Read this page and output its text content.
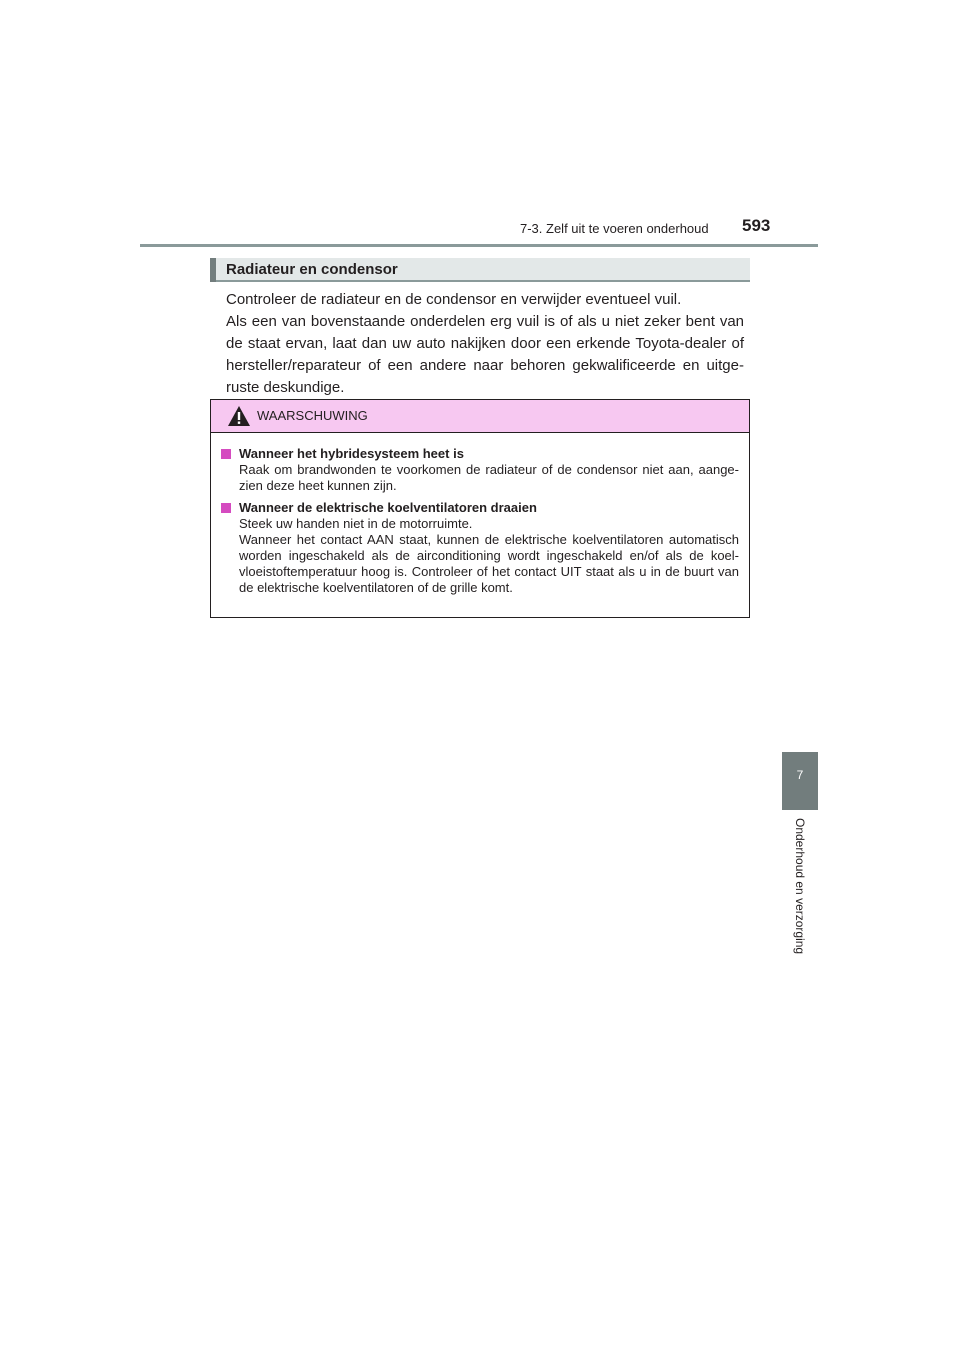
7-3. Zelf uit te voeren onderhoud 593
7
Onderhoud en verzorging
Radiateur en condensor

Controleer de radiateur en de condensor en verwijder eventueel vuil.

Als een van bovenstaande onderdelen erg vuil is of als u niet zeker bent van de staat ervan, laat dan uw auto nakijken door een erkende Toyota-dealer of hersteller/reparateur of een andere naar behoren gekwalificeerde en uitge-ruste deskundige.

WAARSCHUWING
Wanneer het hybridesysteem heet is
Raak om brandwonden te voorkomen de radiateur of de condensor niet aan, aange-zien deze heet kunnen zijn.
Wanneer de elektrische koelventilatoren draaien
Steek uw handen niet in de motorruimte.
Wanneer het contact AAN staat, kunnen de elektrische koelventilatoren automatisch worden ingeschakeld als de airconditioning wordt ingeschakeld en/of als de koel-vloeistoftemperatuur hoog is. Controleer of het contact UIT staat als u in de buurt van de elektrische koelventilatoren of de grille komt.
